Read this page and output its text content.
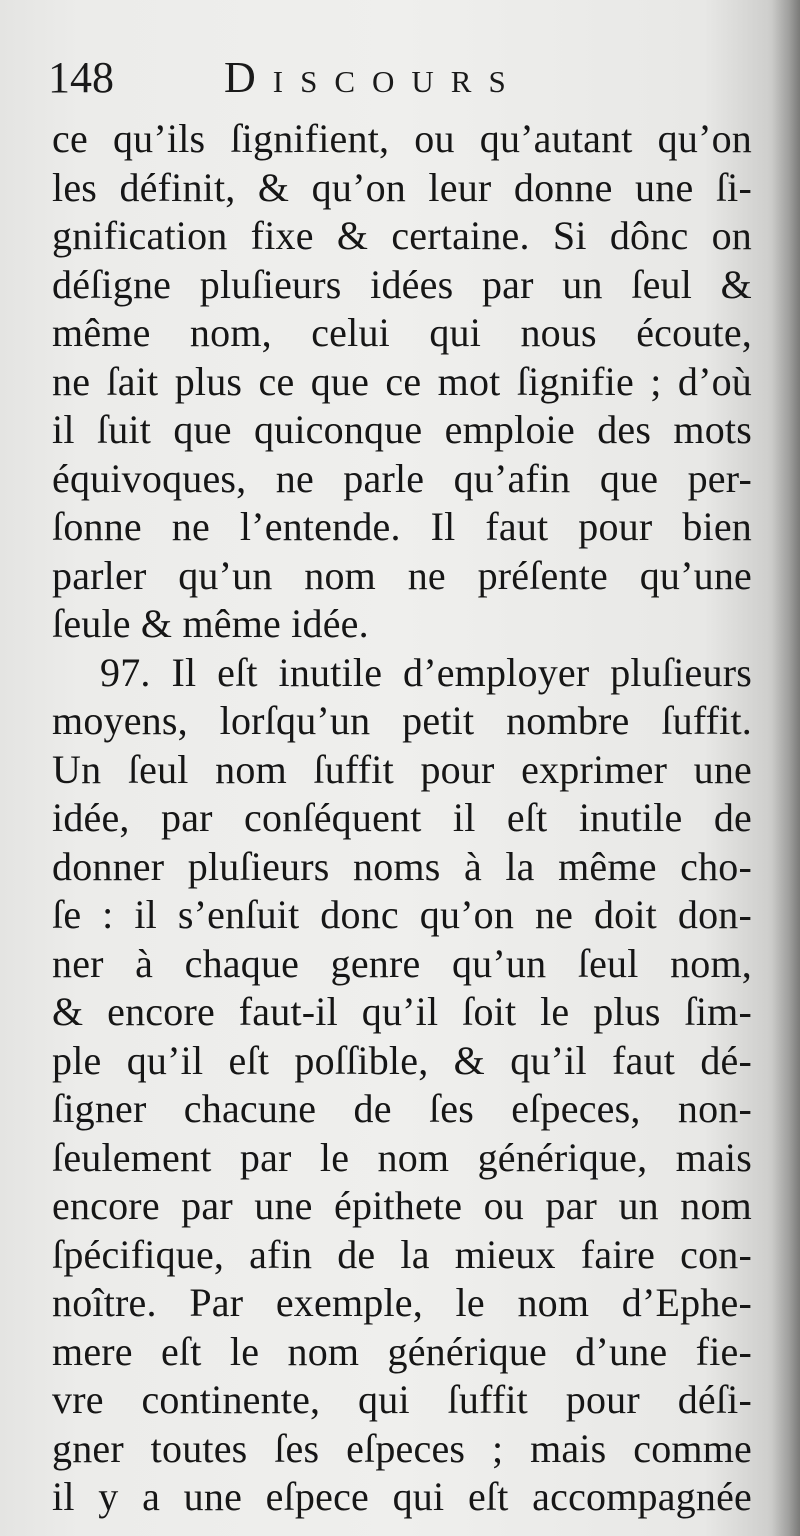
148	Discours
ce qu’ils ſignifient, ou qu’autant qu’on
les définit, & qu’on leur donne une ſi-
gnification fixe & certaine. Si dônc on
déſigne pluſieurs idées par un ſeul &
même nom, celui qui nous écoute,
ne ſait plus ce que ce mot ſignifie ; d’où
il ſuit que quiconque emploie des mots
équivoques, ne parle qu’afin que per-
ſonne ne l’entende. Il faut pour bien
parler qu’un nom ne préſente qu’une
ſeule & même idée.
97. Il eſt inutile d’employer pluſieurs
moyens, lorſqu’un petit nombre ſuffit.
Un ſeul nom ſuffit pour exprimer une
idée, par conſéquent il eſt inutile de
donner pluſieurs noms à la même cho-
ſe : il s’enſuit donc qu’on ne doit don-
ner à chaque genre qu’un ſeul nom,
& encore faut-il qu’il ſoit le plus ſim-
ple qu’il eſt poſſible, & qu’il faut dé-
ſigner chacune de ſes eſpeces, non-
ſeulement par le nom générique, mais
encore par une épithete ou par un nom
ſpécifique, afin de la mieux faire con-
noître. Par exemple, le nom d’Ephe-
mere eſt le nom générique d’une fie-
vre continente, qui ſuffit pour déſi-
gner toutes ſes eſpeces ; mais comme
il y a une eſpece qui eſt accompagnée
